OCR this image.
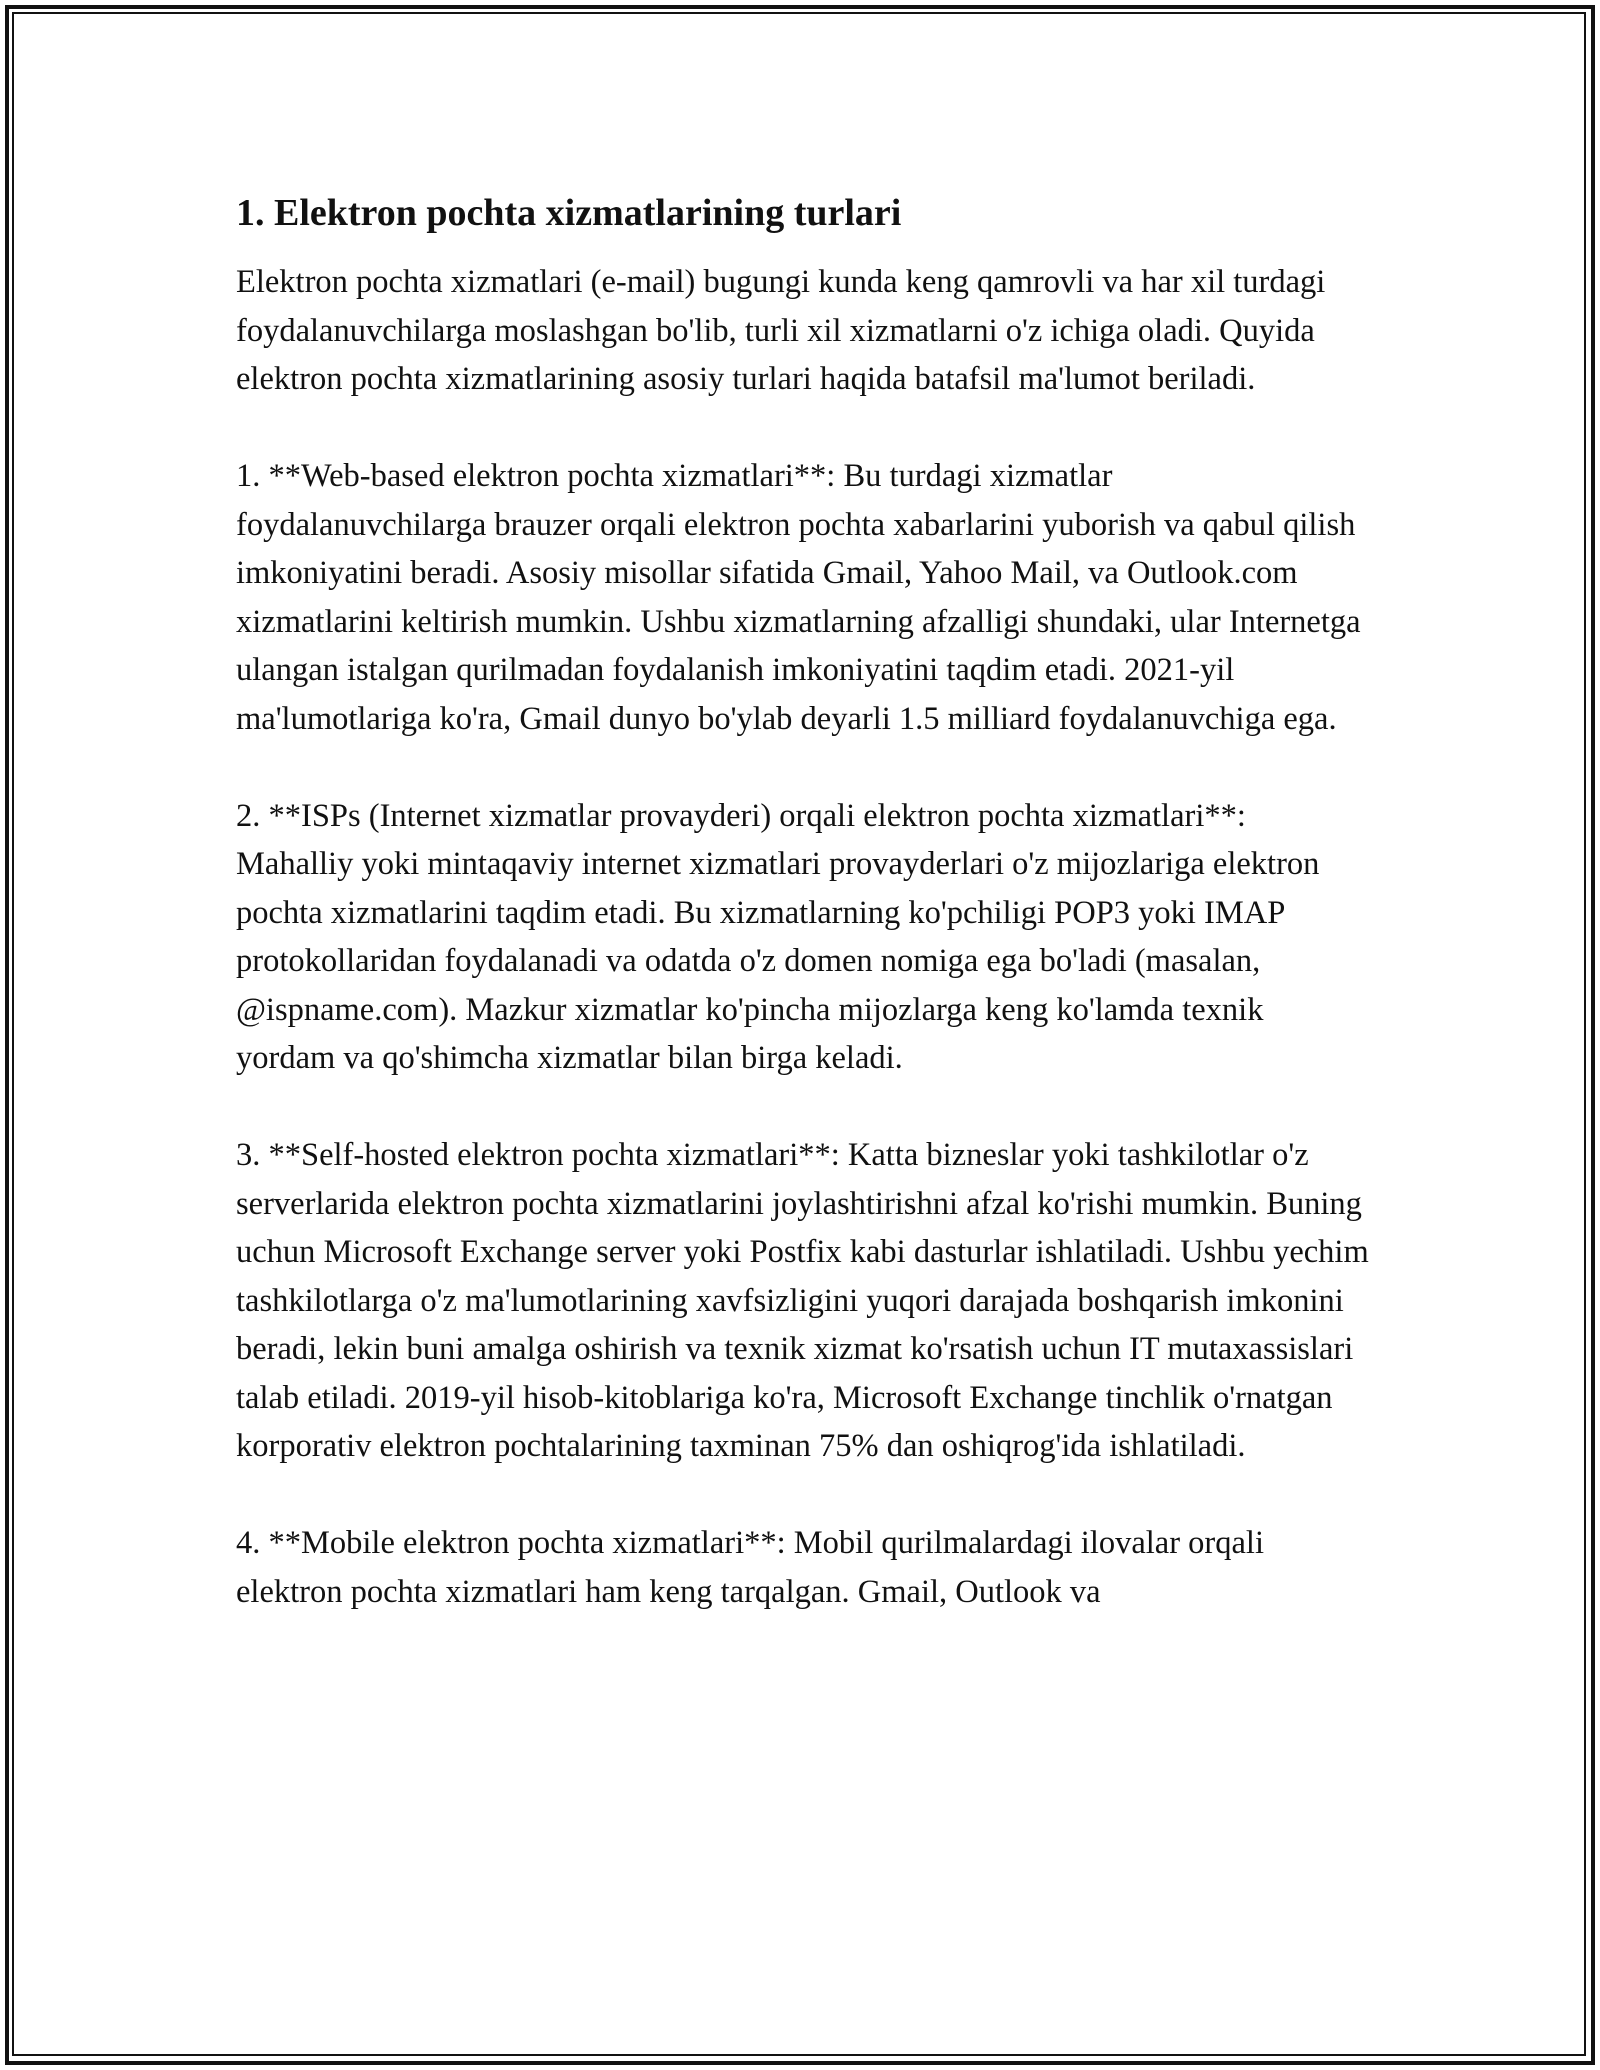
1. Elektron pochta xizmatlarining turlari

Elektron pochta xizmatlari (e-mail) bugungi kunda keng qamrovli va har xil turdagi foydalanuvchilarga moslashgan bo'lib, turli xil xizmatlarni o'z ichiga oladi. Quyida elektron pochta xizmatlarining asosiy turlari haqida batafsil ma'lumot beriladi.

1. **Web-based elektron pochta xizmatlari**: Bu turdagi xizmatlar foydalanuvchilarga brauzer orqali elektron pochta xabarlarini yuborish va qabul qilish imkoniyatini beradi. Asosiy misollar sifatida Gmail, Yahoo Mail, va Outlook.com xizmatlarini keltirish mumkin. Ushbu xizmatlarning afzalligi shundaki, ular Internetga ulangan istalgan qurilmadan foydalanish imkoniyatini taqdim etadi. 2021-yil ma'lumotlariga ko'ra, Gmail dunyo bo'ylab deyarli 1.5 milliard foydalanuvchiga ega.

2. **ISPs (Internet xizmatlar provayderi) orqali elektron pochta xizmatlari**: Mahalliy yoki mintaqaviy internet xizmatlari provayderlari o'z mijozlariga elektron pochta xizmatlarini taqdim etadi. Bu xizmatlarning ko'pchiligi POP3 yoki IMAP protokollaridan foydalanadi va odatda o'z domen nomiga ega bo'ladi (masalan, @ispname.com). Mazkur xizmatlar ko'pincha mijozlarga keng ko'lamda texnik yordam va qo'shimcha xizmatlar bilan birga keladi.

3. **Self-hosted elektron pochta xizmatlari**: Katta bizneslar yoki tashkilotlar o'z serverlarida elektron pochta xizmatlarini joylashtirishni afzal ko'rishi mumkin. Buning uchun Microsoft Exchange server yoki Postfix kabi dasturlar ishlatiladi. Ushbu yechim tashkilotlarga o'z ma'lumotlarining xavfsizligini yuqori darajada boshqarish imkonini beradi, lekin buni amalga oshirish va texnik xizmat ko'rsatish uchun IT mutaxassislari talab etiladi. 2019-yil hisob-kitoblariga ko'ra, Microsoft Exchange tinchlik o'rnatgan korporativ elektron pochtalarining taxminan 75% dan oshiqrog'ida ishlatiladi.

4. **Mobile elektron pochta xizmatlari**: Mobil qurilmalardagi ilovalar orqali elektron pochta xizmatlari ham keng tarqalgan. Gmail, Outlook va
